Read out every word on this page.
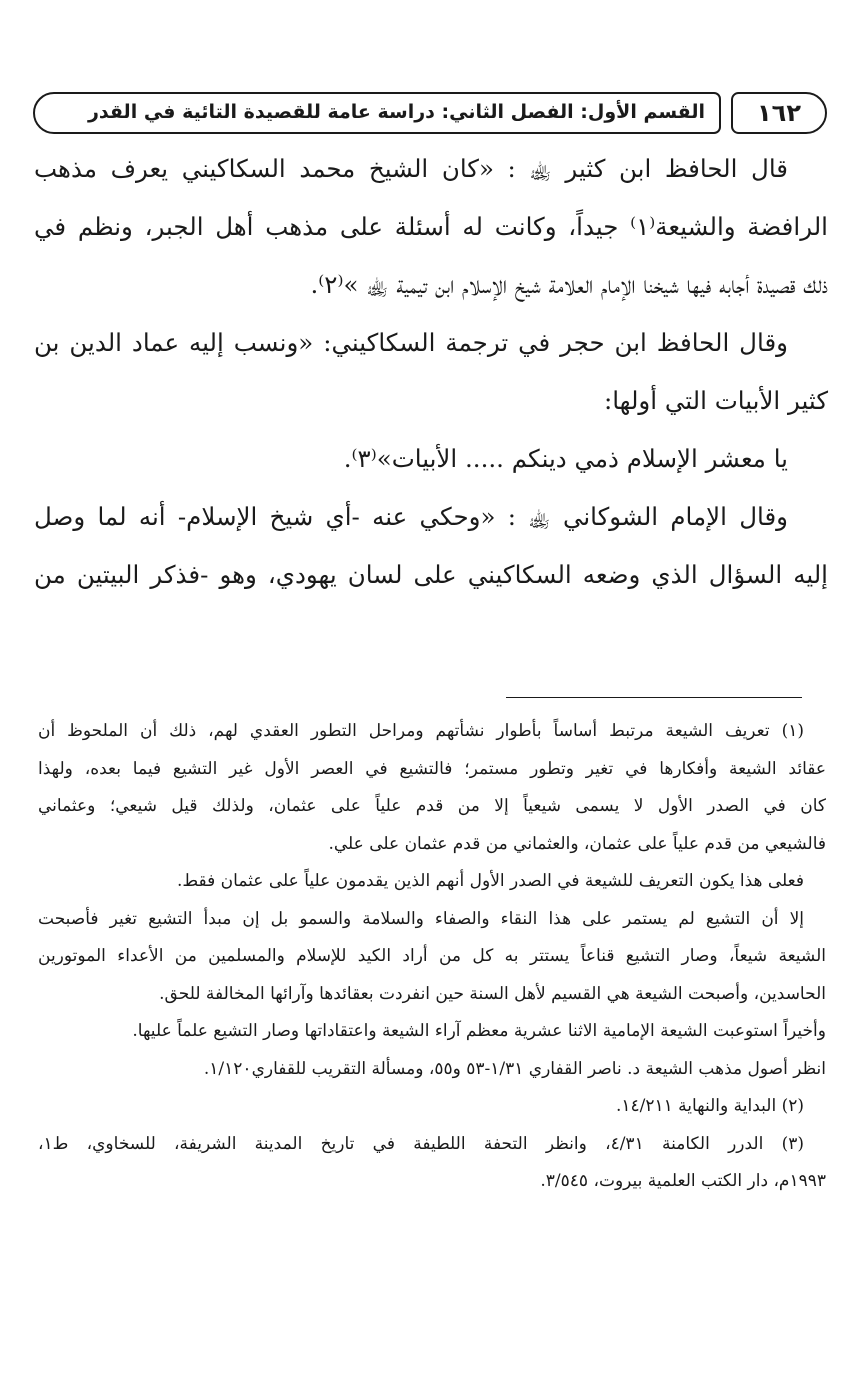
القسم الأول: الفصل الثاني: دراسة عامة للقصيدة التائية في القدر	١٦٢
قال الحافظ ابن كثير ﵀ : «كان الشيخ محمد السكاكيني يعرف مذهب
الرافضة والشيعة⁽١⁾ جيداً، وكانت له أسئلة على مذهب أهل الجبر، ونظم في
ذلك قصيدة أجابه فيها شيخنا الإمام العلامة شيخ الإسلام ابن تيمية ﵀ »⁽٢⁾.
وقال الحافظ ابن حجر في ترجمة السكاكيني: «ونسب إليه عماد الدين بن
كثير الأبيات التي أولها:
يا معشر الإسلام ذمي دينكم ..... الأبيات»⁽٣⁾.
وقال الإمام الشوكاني ﵀ : «وحكي عنه -أي شيخ الإسلام- أنه لما وصل
إليه السؤال الذي وضعه السكاكيني على لسان يهودي، وهو -فذكر البيتين من
(١) تعريف الشيعة مرتبط أساساً بأطوار نشأتهم ومراحل التطور العقدي لهم، ذلك أن الملحوظ أن
عقائد الشيعة وأفكارها في تغير وتطور مستمر؛ فالتشيع في العصر الأول غير التشيع فيما بعده، ولهذا
كان في الصدر الأول لا يسمى شيعياً إلا من قدم علياً على عثمان، ولذلك قيل شيعي؛ وعثماني
فالشيعي من قدم علياً على عثمان، والعثماني من قدم عثمان على علي.
فعلى هذا يكون التعريف للشيعة في الصدر الأول أنهم الذين يقدمون علياً على عثمان فقط.
إلا أن التشيع لم يستمر على هذا النقاء والصفاء والسلامة والسمو بل إن مبدأ التشيع تغير فأصبحت
الشيعة شيعاً، وصار التشيع قناعاً يستتر به كل من أراد الكيد للإسلام والمسلمين من الأعداء الموتورين
الحاسدين، وأصبحت الشيعة هي القسيم لأهل السنة حين انفردت بعقائدها وآرائها المخالفة للحق.
وأخيراً استوعبت الشيعة الإمامية الاثنا عشرية معظم آراء الشيعة واعتقاداتها وصار التشيع علماً عليها.
انظر أصول مذهب الشيعة د. ناصر القفاري ١/٣١-٥٣ و٥٥، ومسألة التقريب للقفاري١/١٢٠.
(٢) البداية والنهاية ١٤/٢١١.
(٣) الدرر الكامنة ٤/٣١، وانظر التحفة اللطيفة في تاريخ المدينة الشريفة، للسخاوي، ط١،
١٩٩٣م، دار الكتب العلمية بيروت، ٣/٥٤٥.
